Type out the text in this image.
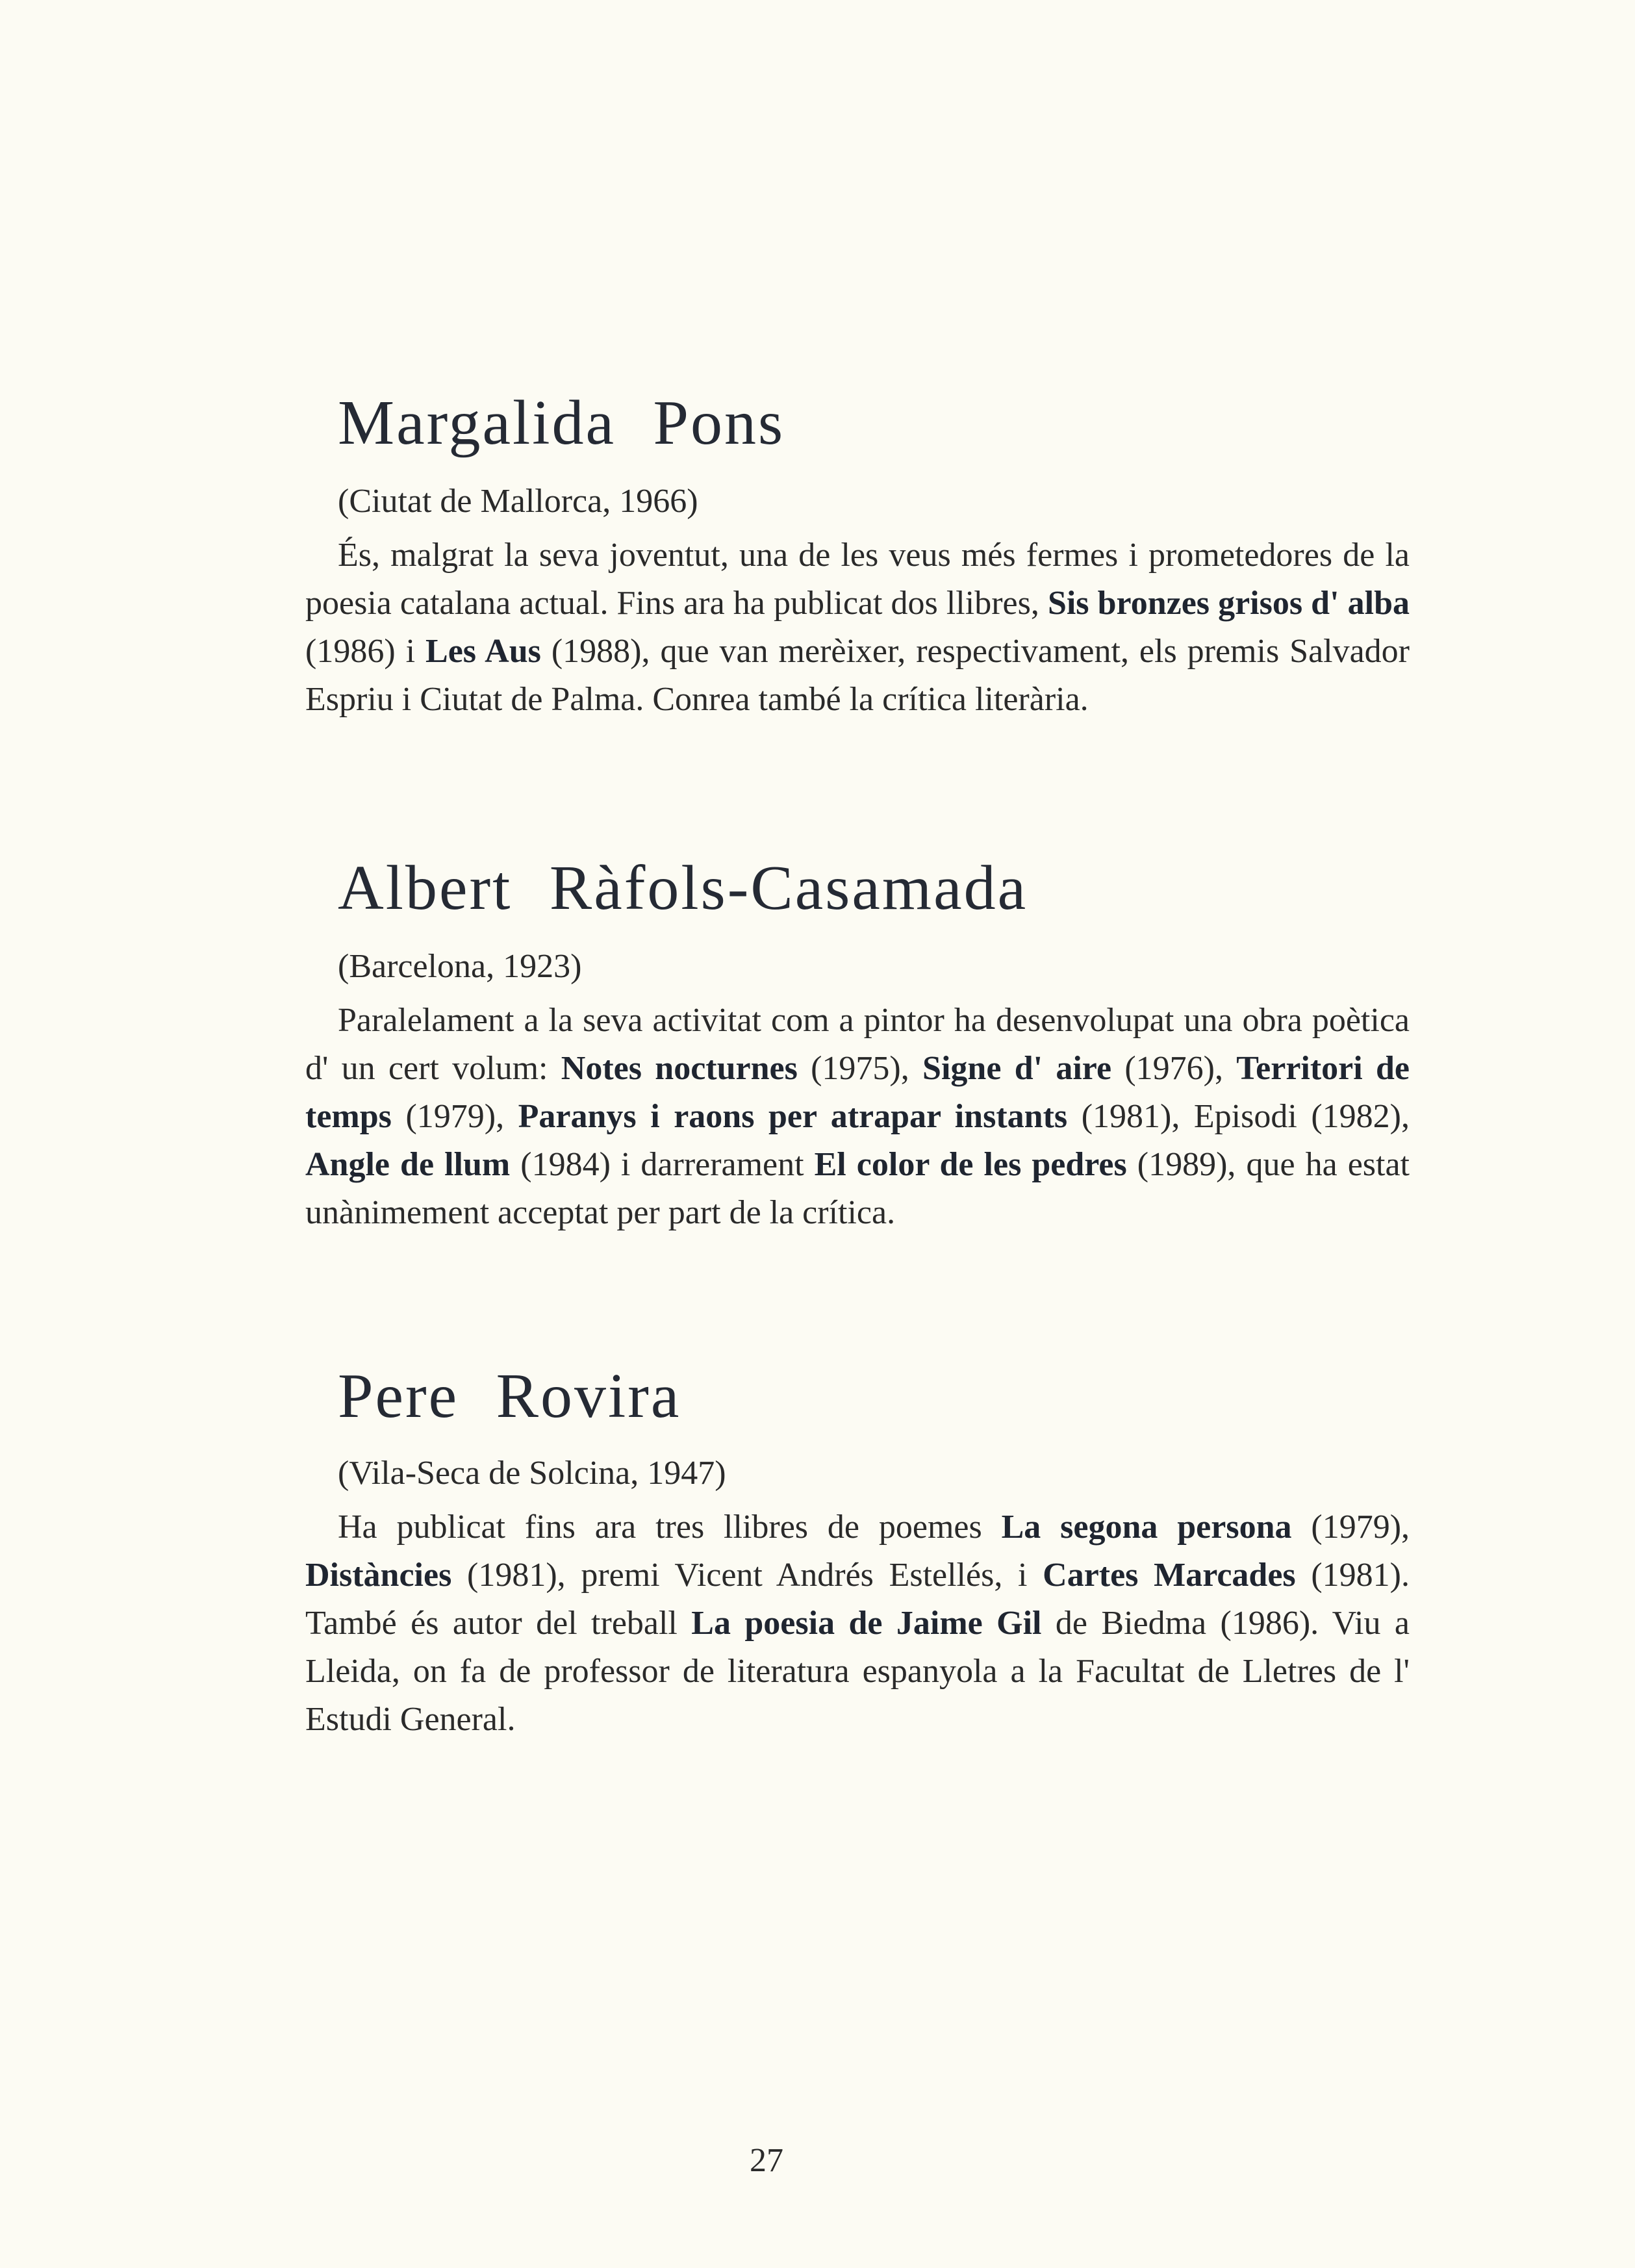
Margalida Pons

(Ciutat de Mallorca, 1966)

És, malgrat la seva joventut, una de les veus més fermes i prometedores de la poesia catalana actual. Fins ara ha publicat dos llibres, Sis bronzes grisos d' alba (1986) i Les Aus (1988), que van merèixer, respectivament, els premis Salvador Espriu i Ciutat de Palma. Conrea també la crítica literària.

Albert Ràfols-Casamada

(Barcelona, 1923)

Paralelament a la seva activitat com a pintor ha desenvolupat una obra poètica d' un cert volum: Notes nocturnes (1975), Signe d' aire (1976), Territori de temps (1979), Paranys i raons per atrapar instants (1981), Episodi (1982), Angle de llum (1984) i darrerament El color de les pedres (1989), que ha estat unànimement acceptat per part de la crítica.

Pere Rovira

(Vila-Seca de Solcina, 1947)

Ha publicat fins ara tres llibres de poemes La segona persona (1979), Distàncies (1981), premi Vicent Andrés Estellés, i Cartes Marcades (1981). També és autor del treball La poesia de Jaime Gil de Biedma (1986). Viu a Lleida, on fa de professor de literatura espanyola a la Facultat de Lletres de l' Estudi General.

27
